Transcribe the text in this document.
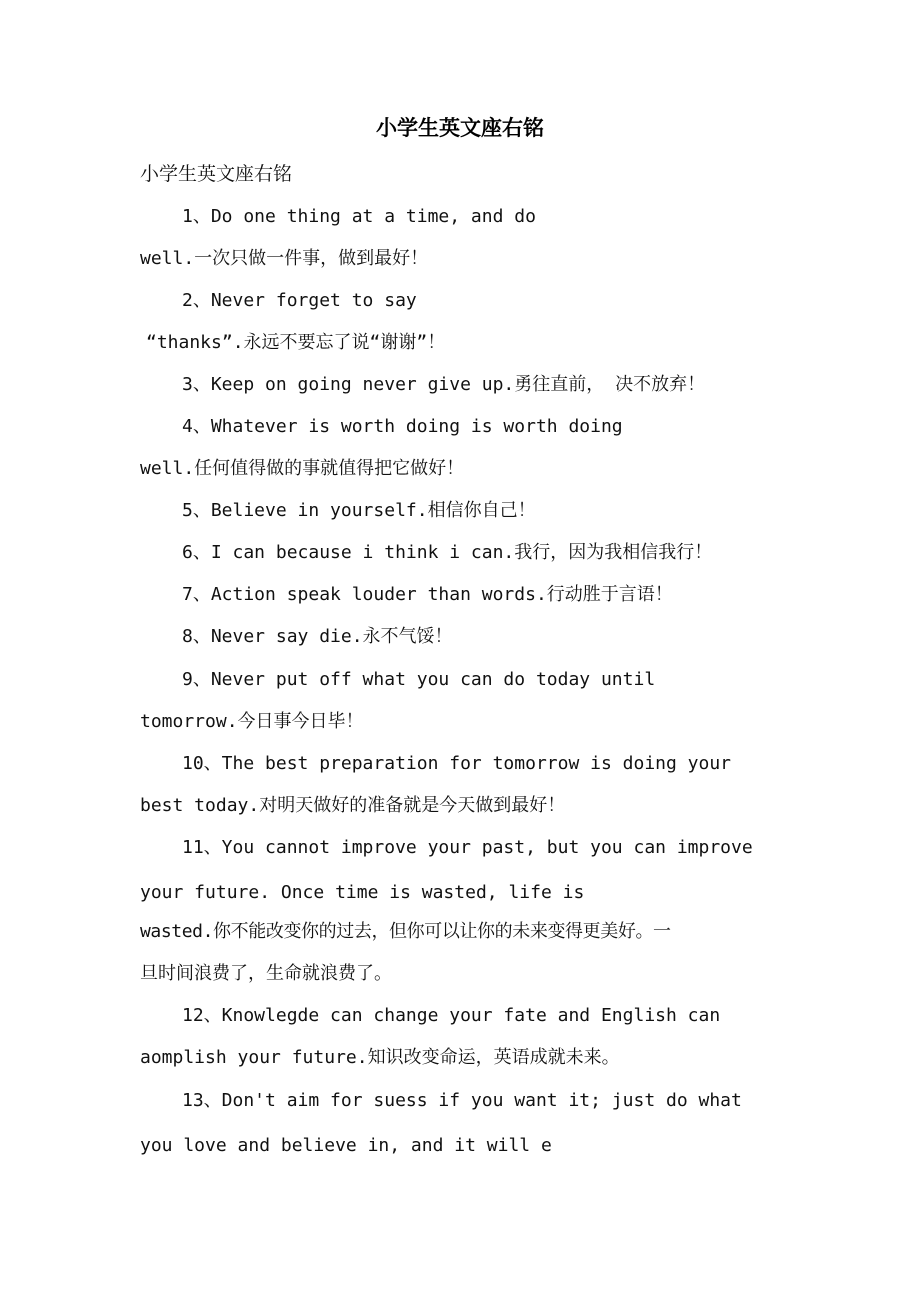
小学生英文座右铭
小学生英文座右铭
1、Do one thing at a time, and do
well.一次只做一件事，做到最好！
2、Never forget to say
“thanks”.永远不要忘了说“谢谢”！
3、Keep on going never give up.勇往直前， 决不放弃！
4、Whatever is worth doing is worth doing
well.任何值得做的事就值得把它做好！
5、Believe in yourself.相信你自己！
6、I can because i think i can.我行，因为我相信我行！
7、Action speak louder than words.行动胜于言语！
8、Never say die.永不气馁！
9、Never put off what you can do today until
tomorrow.今日事今日毕！
10、The best preparation for tomorrow is doing your
best today.对明天做好的准备就是今天做到最好！
11、You cannot improve your past, but you can improve
your future. Once time is wasted, life is
wasted.你不能改变你的过去，但你可以让你的未来变得更美好。一
旦时间浪费了，生命就浪费了。
12、Knowlegde can change your fate and English can
aomplish your future.知识改变命运，英语成就未来。
13、Don't aim for suess if you want it; just do what
you love and believe in, and it will e
